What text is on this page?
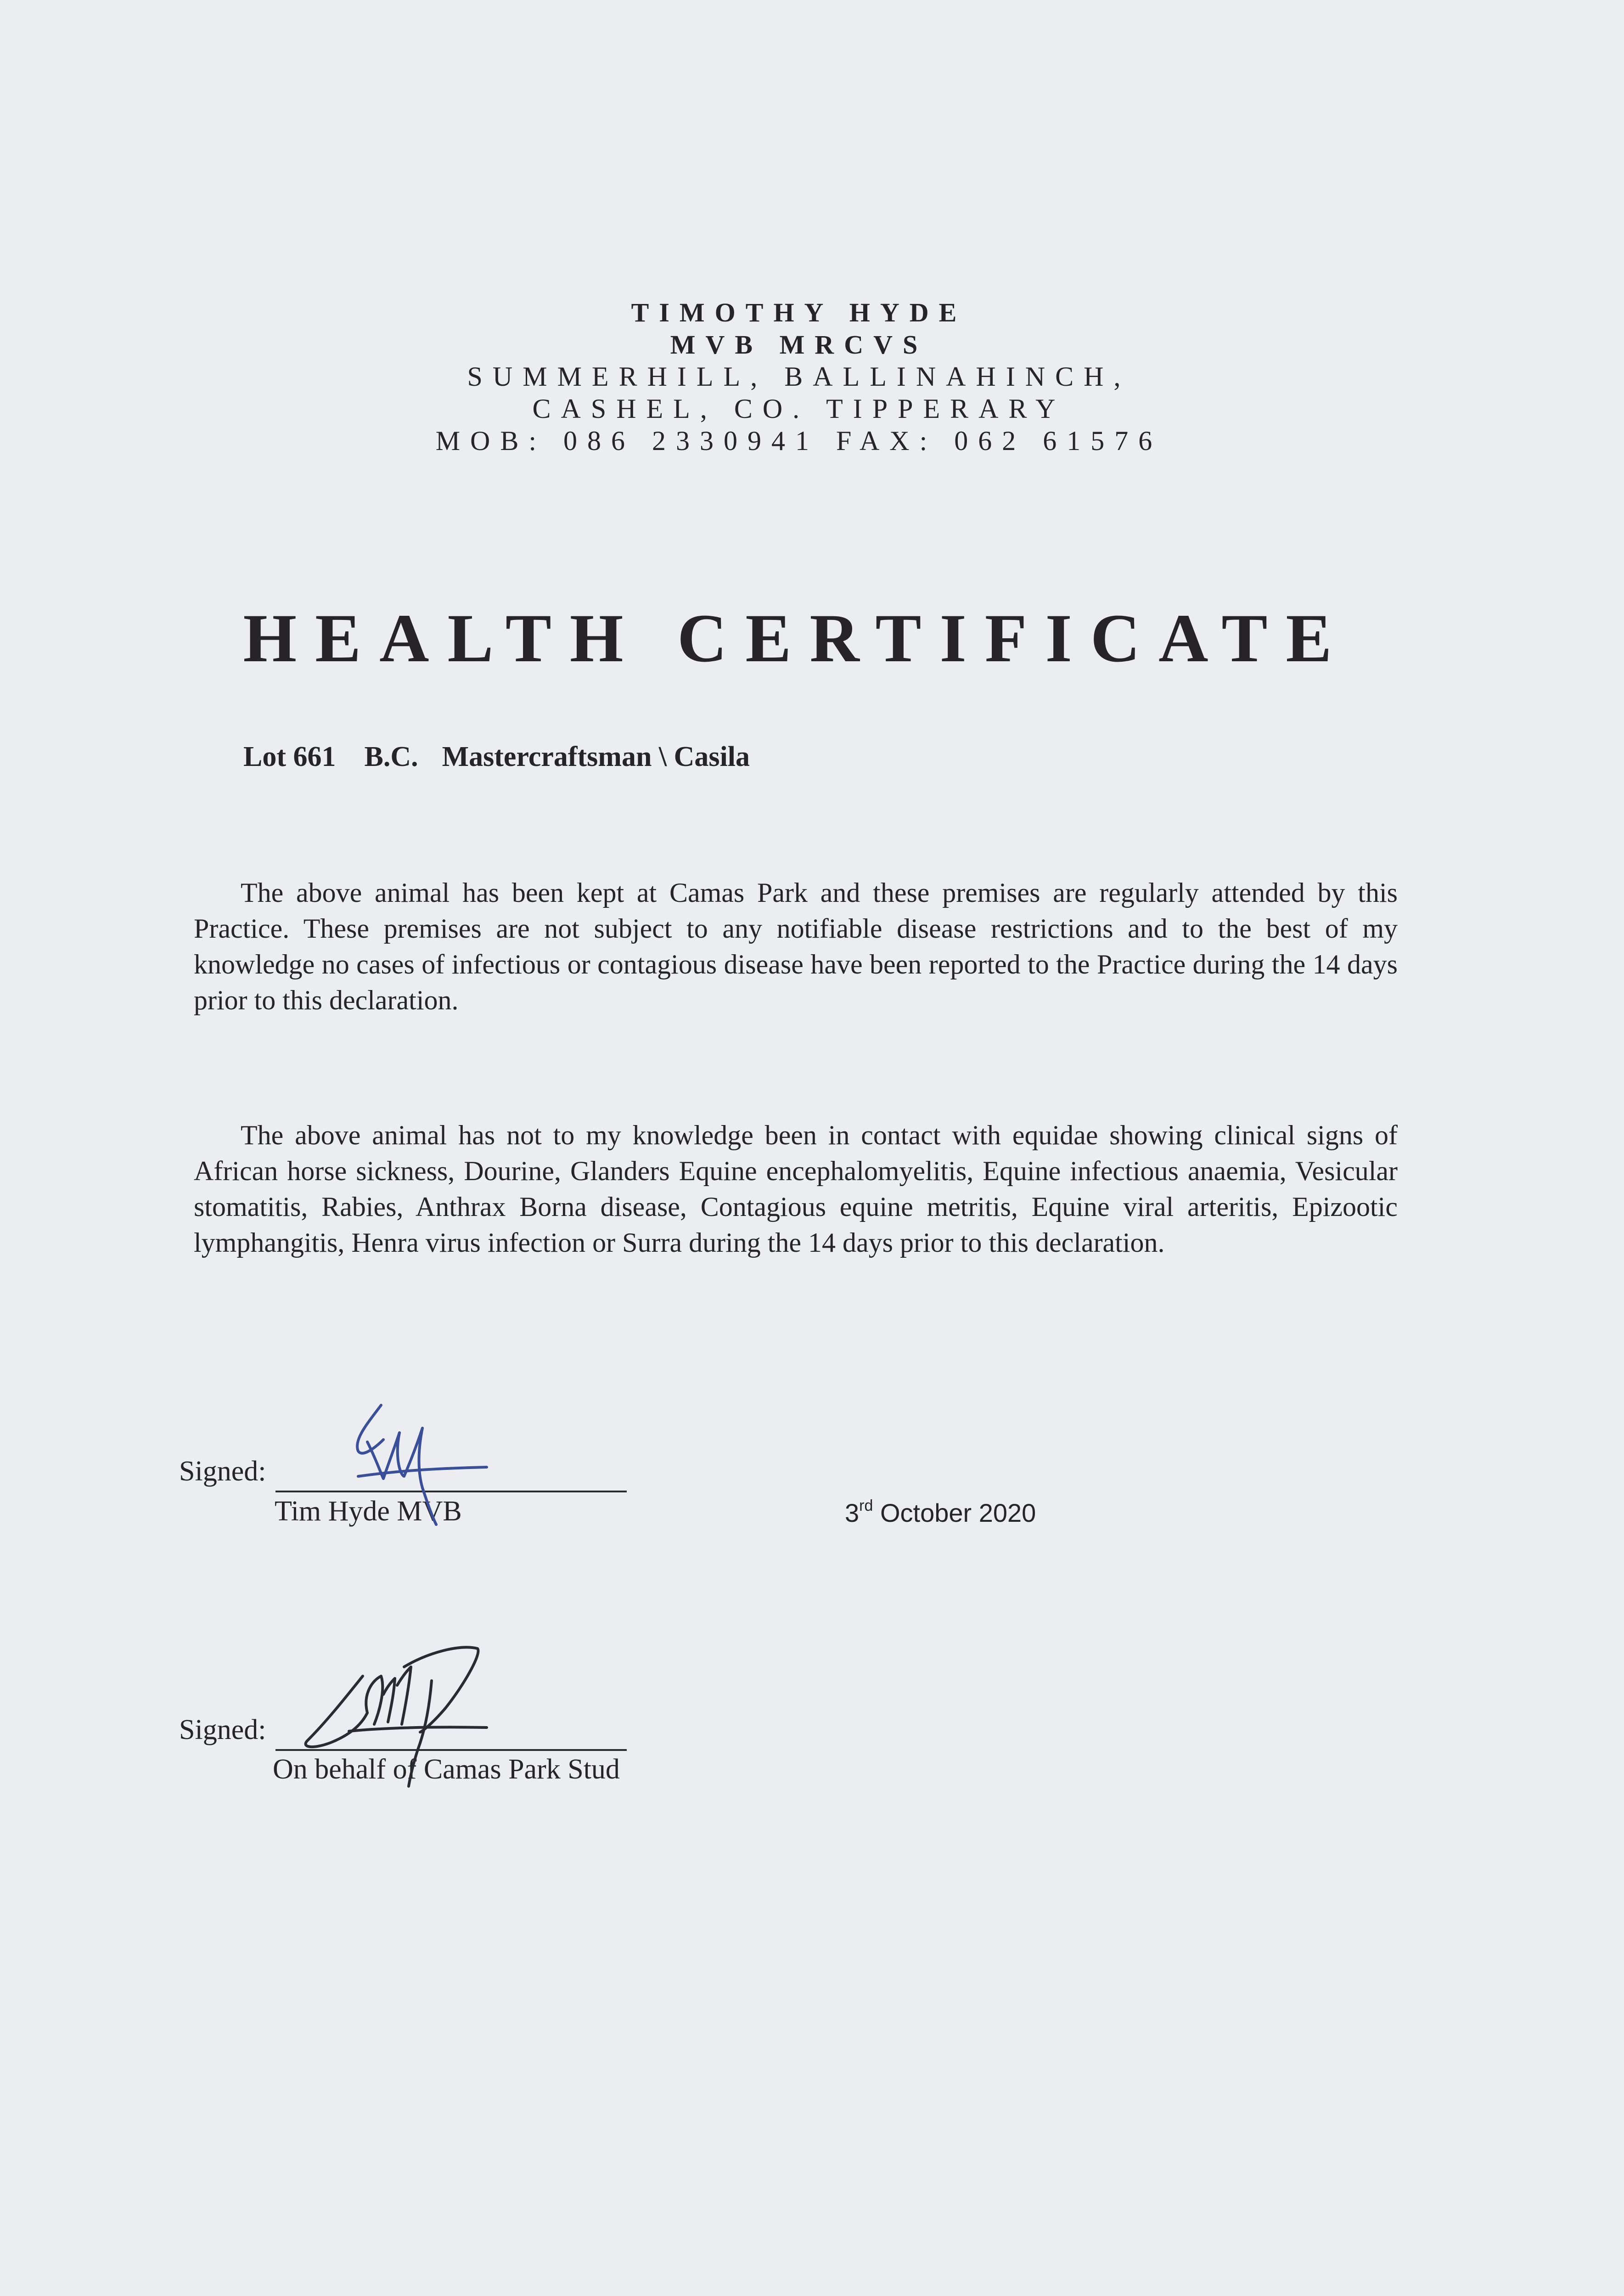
TIMOTHY HYDE
MVB MRCVS
SUMMERHILL, BALLINAHINCH,
CASHEL, CO. TIPPERARY
MOB: 086 2330941 FAX: 062 61576
HEALTH CERTIFICATE
Lot 661 B.C. Mastercraftsman \ Casila
The above animal has been kept at Camas Park and these premises are regularly attended by this Practice. These premises are not subject to any notifiable disease restrictions and to the best of my knowledge no cases of infectious or contagious disease have been reported to the Practice during the 14 days prior to this declaration.
The above animal has not to my knowledge been in contact with equidae showing clinical signs of African horse sickness, Dourine, Glanders Equine encephalomyelitis, Equine infectious anaemia, Vesicular stomatitis, Rabies, Anthrax Borna disease, Contagious equine metritis, Equine viral arteritis, Epizootic lymphangitis, Henra virus infection or Surra during the 14 days prior to this declaration.
Signed:
Tim Hyde MVB	3rd October 2020
Signed:
On behalf of Camas Park Stud
